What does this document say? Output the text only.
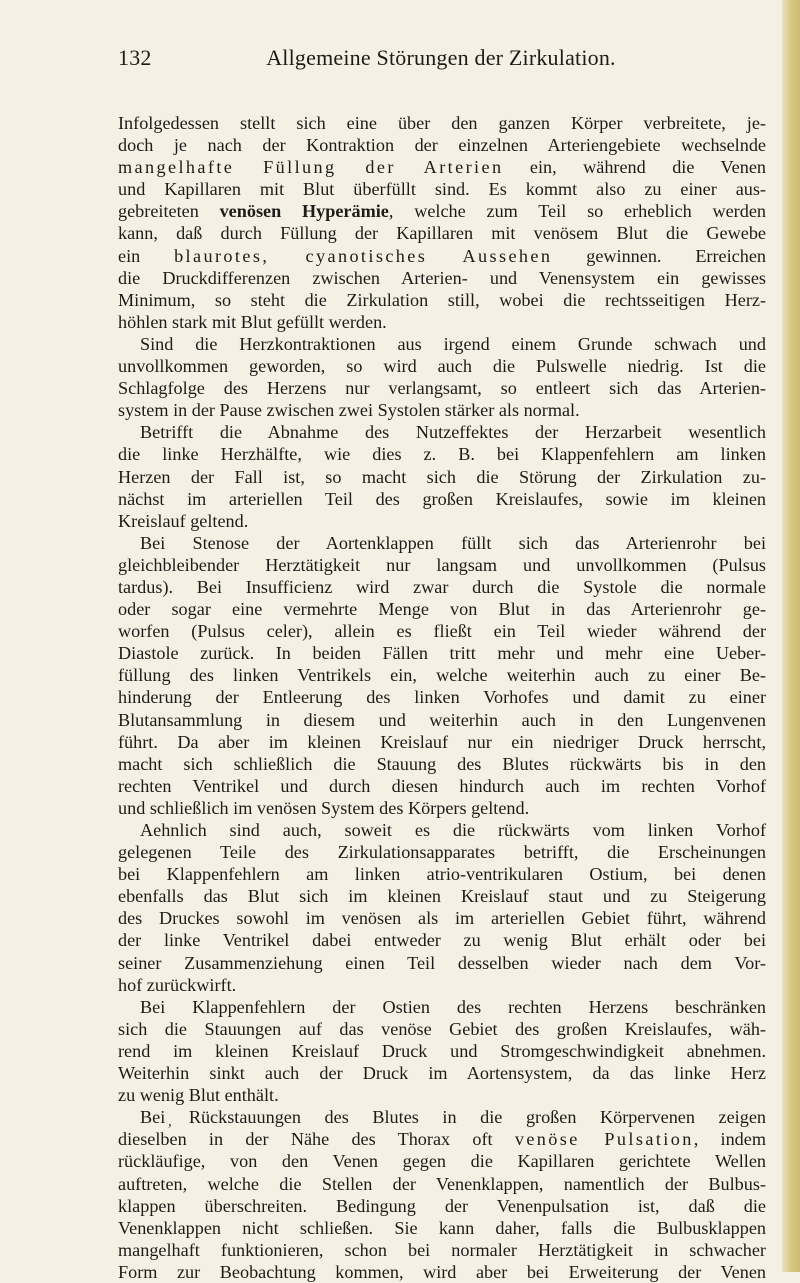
132	Allgemeine Störungen der Zirkulation.
Infolgedessen stellt sich eine über den ganzen Körper verbreitete, je-
doch je nach der Kontraktion der einzelnen Arteriengebiete wechselnde
mangelhafte Füllung der Arterien ein, während die Venen
und Kapillaren mit Blut überfüllt sind. Es kommt also zu einer aus-
gebreiteten venösen Hyperämie, welche zum Teil so erheblich werden
kann, daß durch Füllung der Kapillaren mit venösem Blut die Gewebe
ein blaurotes, cyanotisches Aussehen gewinnen. Erreichen
die Druckdifferenzen zwischen Arterien- und Venensystem ein gewisses
Minimum, so steht die Zirkulation still, wobei die rechtsseitigen Herz-
höhlen stark mit Blut gefüllt werden.
Sind die Herzkontraktionen aus irgend einem Grunde schwach und
unvollkommen geworden, so wird auch die Pulswelle niedrig. Ist die
Schlagfolge des Herzens nur verlangsamt, so entleert sich das Arterien-
system in der Pause zwischen zwei Systolen stärker als normal.
Betrifft die Abnahme des Nutzeffektes der Herzarbeit wesentlich
die linke Herzhälfte, wie dies z. B. bei Klappenfehlern am linken
Herzen der Fall ist, so macht sich die Störung der Zirkulation zu-
nächst im arteriellen Teil des großen Kreislaufes, sowie im kleinen
Kreislauf geltend.
Bei Stenose der Aortenklappen füllt sich das Arterienrohr bei
gleichbleibender Herztätigkeit nur langsam und unvollkommen (Pulsus
tardus). Bei Insufficienz wird zwar durch die Systole die normale
oder sogar eine vermehrte Menge von Blut in das Arterienrohr ge-
worfen (Pulsus celer), allein es fließt ein Teil wieder während der
Diastole zurück. In beiden Fällen tritt mehr und mehr eine Ueber-
füllung des linken Ventrikels ein, welche weiterhin auch zu einer Be-
hinderung der Entleerung des linken Vorhofes und damit zu einer
Blutansammlung in diesem und weiterhin auch in den Lungenvenen
führt. Da aber im kleinen Kreislauf nur ein niedriger Druck herrscht,
macht sich schließlich die Stauung des Blutes rückwärts bis in den
rechten Ventrikel und durch diesen hindurch auch im rechten Vorhof
und schließlich im venösen System des Körpers geltend.
Aehnlich sind auch, soweit es die rückwärts vom linken Vorhof
gelegenen Teile des Zirkulationsapparates betrifft, die Erscheinungen
bei Klappenfehlern am linken atrio-ventrikularen Ostium, bei denen
ebenfalls das Blut sich im kleinen Kreislauf staut und zu Steigerung
des Druckes sowohl im venösen als im arteriellen Gebiet führt, während
der linke Ventrikel dabei entweder zu wenig Blut erhält oder bei
seiner Zusammenziehung einen Teil desselben wieder nach dem Vor-
hof zurückwirft.
Bei Klappenfehlern der Ostien des rechten Herzens beschränken
sich die Stauungen auf das venöse Gebiet des großen Kreislaufes, wäh-
rend im kleinen Kreislauf Druck und Stromgeschwindigkeit abnehmen.
Weiterhin sinkt auch der Druck im Aortensystem, da das linke Herz
zu wenig Blut enthält.
Bei ̦Rückstauungen des Blutes in die großen Körpervenen zeigen
dieselben in der Nähe des Thorax oft venöse Pulsation, indem
rückläufige, von den Venen gegen die Kapillaren gerichtete Wellen
auftreten, welche die Stellen der Venenklappen, namentlich der Bulbus-
klappen überschreiten. Bedingung der Venenpulsation ist, daß die
Venenklappen nicht schließen. Sie kann daher, falls die Bulbusklappen
mangelhaft funktionieren, schon bei normaler Herztätigkeit in schwacher
Form zur Beobachtung kommen, wird aber bei Erweiterung der Venen
